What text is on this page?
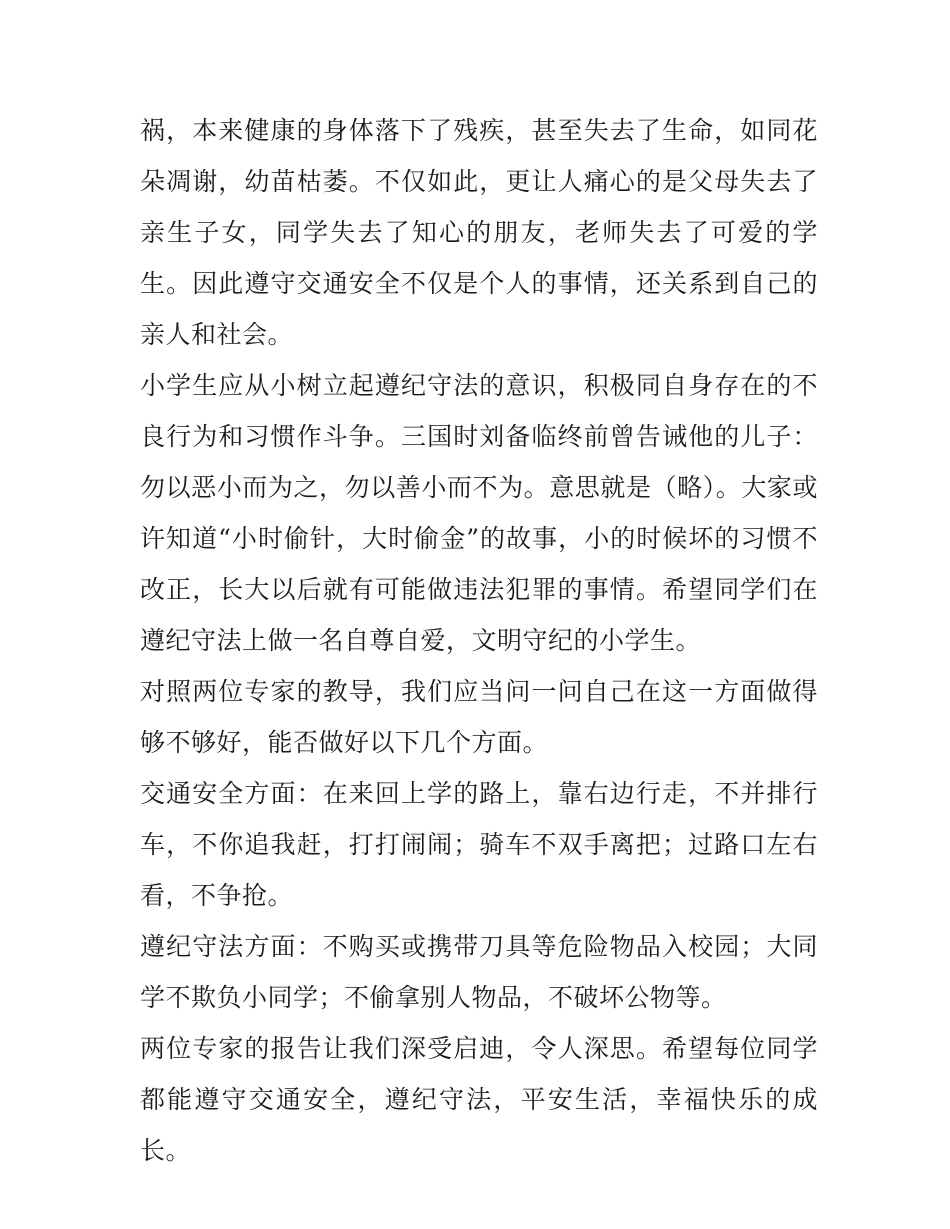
祸，本来健康的身体落下了残疾，甚至失去了生命，如同花朵凋谢，幼苗枯萎。不仅如此，更让人痛心的是父母失去了亲生子女，同学失去了知心的朋友，老师失去了可爱的学生。因此遵守交通安全不仅是个人的事情，还关系到自己的亲人和社会。

小学生应从小树立起遵纪守法的意识，积极同自身存在的不良行为和习惯作斗争。三国时刘备临终前曾告诫他的儿子：勿以恶小而为之，勿以善小而不为。意思就是（略）。大家或许知道“小时偷针，大时偷金”的故事，小的时候坏的习惯不改正，长大以后就有可能做违法犯罪的事情。希望同学们在遵纪守法上做一名自尊自爱，文明守纪的小学生。

对照两位专家的教导，我们应当问一问自己在这一方面做得够不够好，能否做好以下几个方面。

交通安全方面：在来回上学的路上，靠右边行走，不并排行车，不你追我赶，打打闹闹；骑车不双手离把；过路口左右看，不争抢。

遵纪守法方面：不购买或携带刀具等危险物品入校园；大同学不欺负小同学；不偷拿别人物品，不破坏公物等。

两位专家的报告让我们深受启迪，令人深思。希望每位同学都能遵守交通安全，遵纪守法，平安生活，幸福快乐的成长。
